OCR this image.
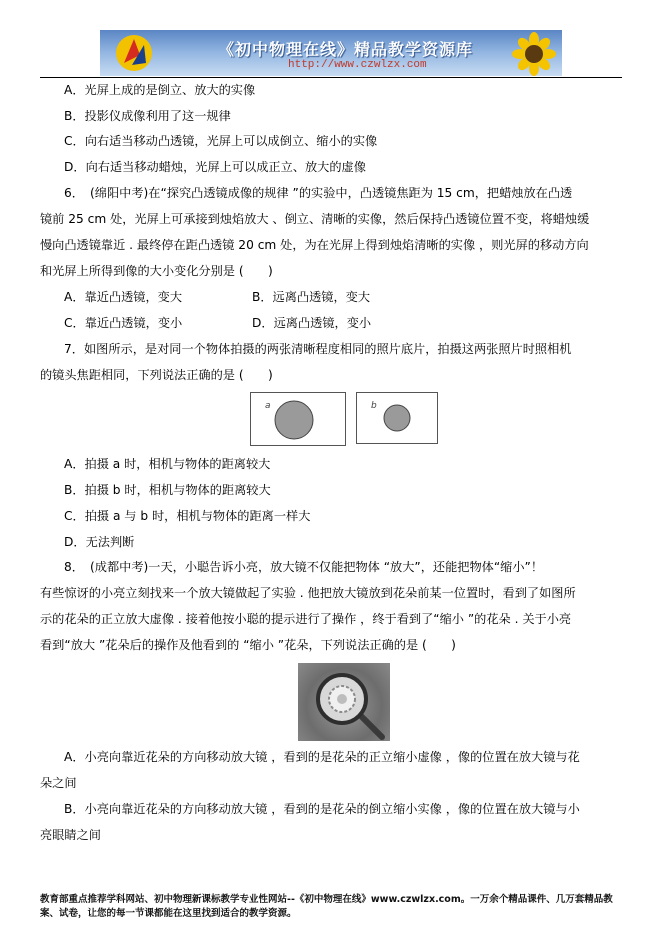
《初中物理在线》精品教学资源库
http://www.czwlzx.com
A．光屏上成的是倒立、放大的实像
B．投影仪成像利用了这一规律
C．向右适当移动凸透镜，光屏上可以成倒立、缩小的实像
D．向右适当移动蜡烛，光屏上可以成正立、放大的虚像
6．　(绵阳中考)在“探究凸透镜成像的规律 ”的实验中，凸透镜焦距为 15 cm，把蜡烛放在凸透
镜前 25 cm 处，光屏上可承接到烛焰放大 、倒立、清晰的实像，然后保持凸透镜位置不变，将蜡烛缓
慢向凸透镜靠近 . 最终停在距凸透镜 20 cm 处，为在光屏上得到烛焰清晰的实像 ，则光屏的移动方向
和光屏上所得到像的大小变化分别是 (　　)
A．靠近凸透镜，变大	B．远离凸透镜，变大
C．靠近凸透镜，变小	D．远离凸透镜，变小
7．如图所示，是对同一个物体拍摄的两张清晰程度相同的照片底片，拍摄这两张照片时照相机
的镜头焦距相同，下列说法正确的是 (　　)
a	b
A．拍摄 a 时，相机与物体的距离较大
B．拍摄 b 时，相机与物体的距离较大
C．拍摄 a 与 b 时，相机与物体的距离一样大
D．无法判断
8．　(成都中考)一天，小聪告诉小亮，放大镜不仅能把物体 “放大”，还能把物体“缩小”！
有些惊讶的小亮立刻找来一个放大镜做起了实验 . 他把放大镜放到花朵前某一位置时，看到了如图所
示的花朵的正立放大虚像 . 接着他按小聪的提示进行了操作 ，终于看到了“缩小 ”的花朵 . 关于小亮
看到“放大 ”花朵后的操作及他看到的 “缩小 ”花朵，下列说法正确的是 (　　)
A．小亮向靠近花朵的方向移动放大镜 ，看到的是花朵的正立缩小虚像 ，像的位置在放大镜与花
朵之间
B．小亮向靠近花朵的方向移动放大镜 ，看到的是花朵的倒立缩小实像 ，像的位置在放大镜与小
亮眼睛之间
教育部重点推荐学科网站、初中物理新课标教学专业性网站--《初中物理在线》www.czwlzx.com。一万余个精品课件、几万套精品教案、试卷，让您的每一节课都能在这里找到适合的教学资源。
